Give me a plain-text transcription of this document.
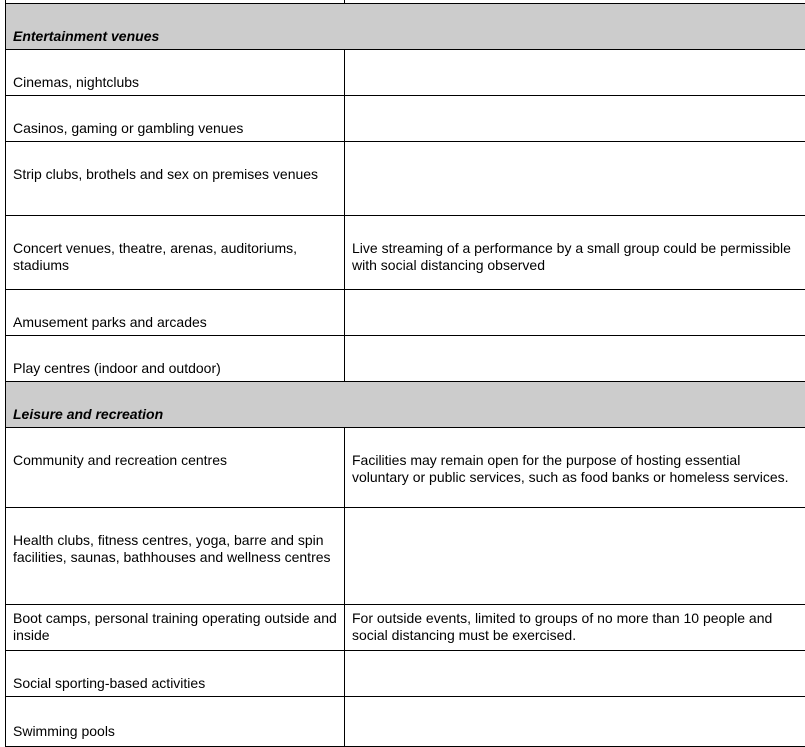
Entertainment venues	
Cinemas, nightclubs	
Casinos, gaming or gambling venues	
Strip clubs, brothels and sex on premises venues	
Concert venues, theatre, arenas, auditoriums, stadiums	Live streaming of a performance by a small group could be permissible with social distancing observed
Amusement parks and arcades	
Play centres (indoor and outdoor)	
Leisure and recreation	
Community and recreation centres	Facilities may remain open for the purpose of hosting essential voluntary or public services, such as food banks or homeless services.
Health clubs, fitness centres, yoga, barre and spin facilities, saunas, bathhouses and wellness centres	
Boot camps, personal training operating outside and inside	For outside events, limited to groups of no more than 10 people and social distancing must be exercised.
Social sporting-based activities	
Swimming pools	
